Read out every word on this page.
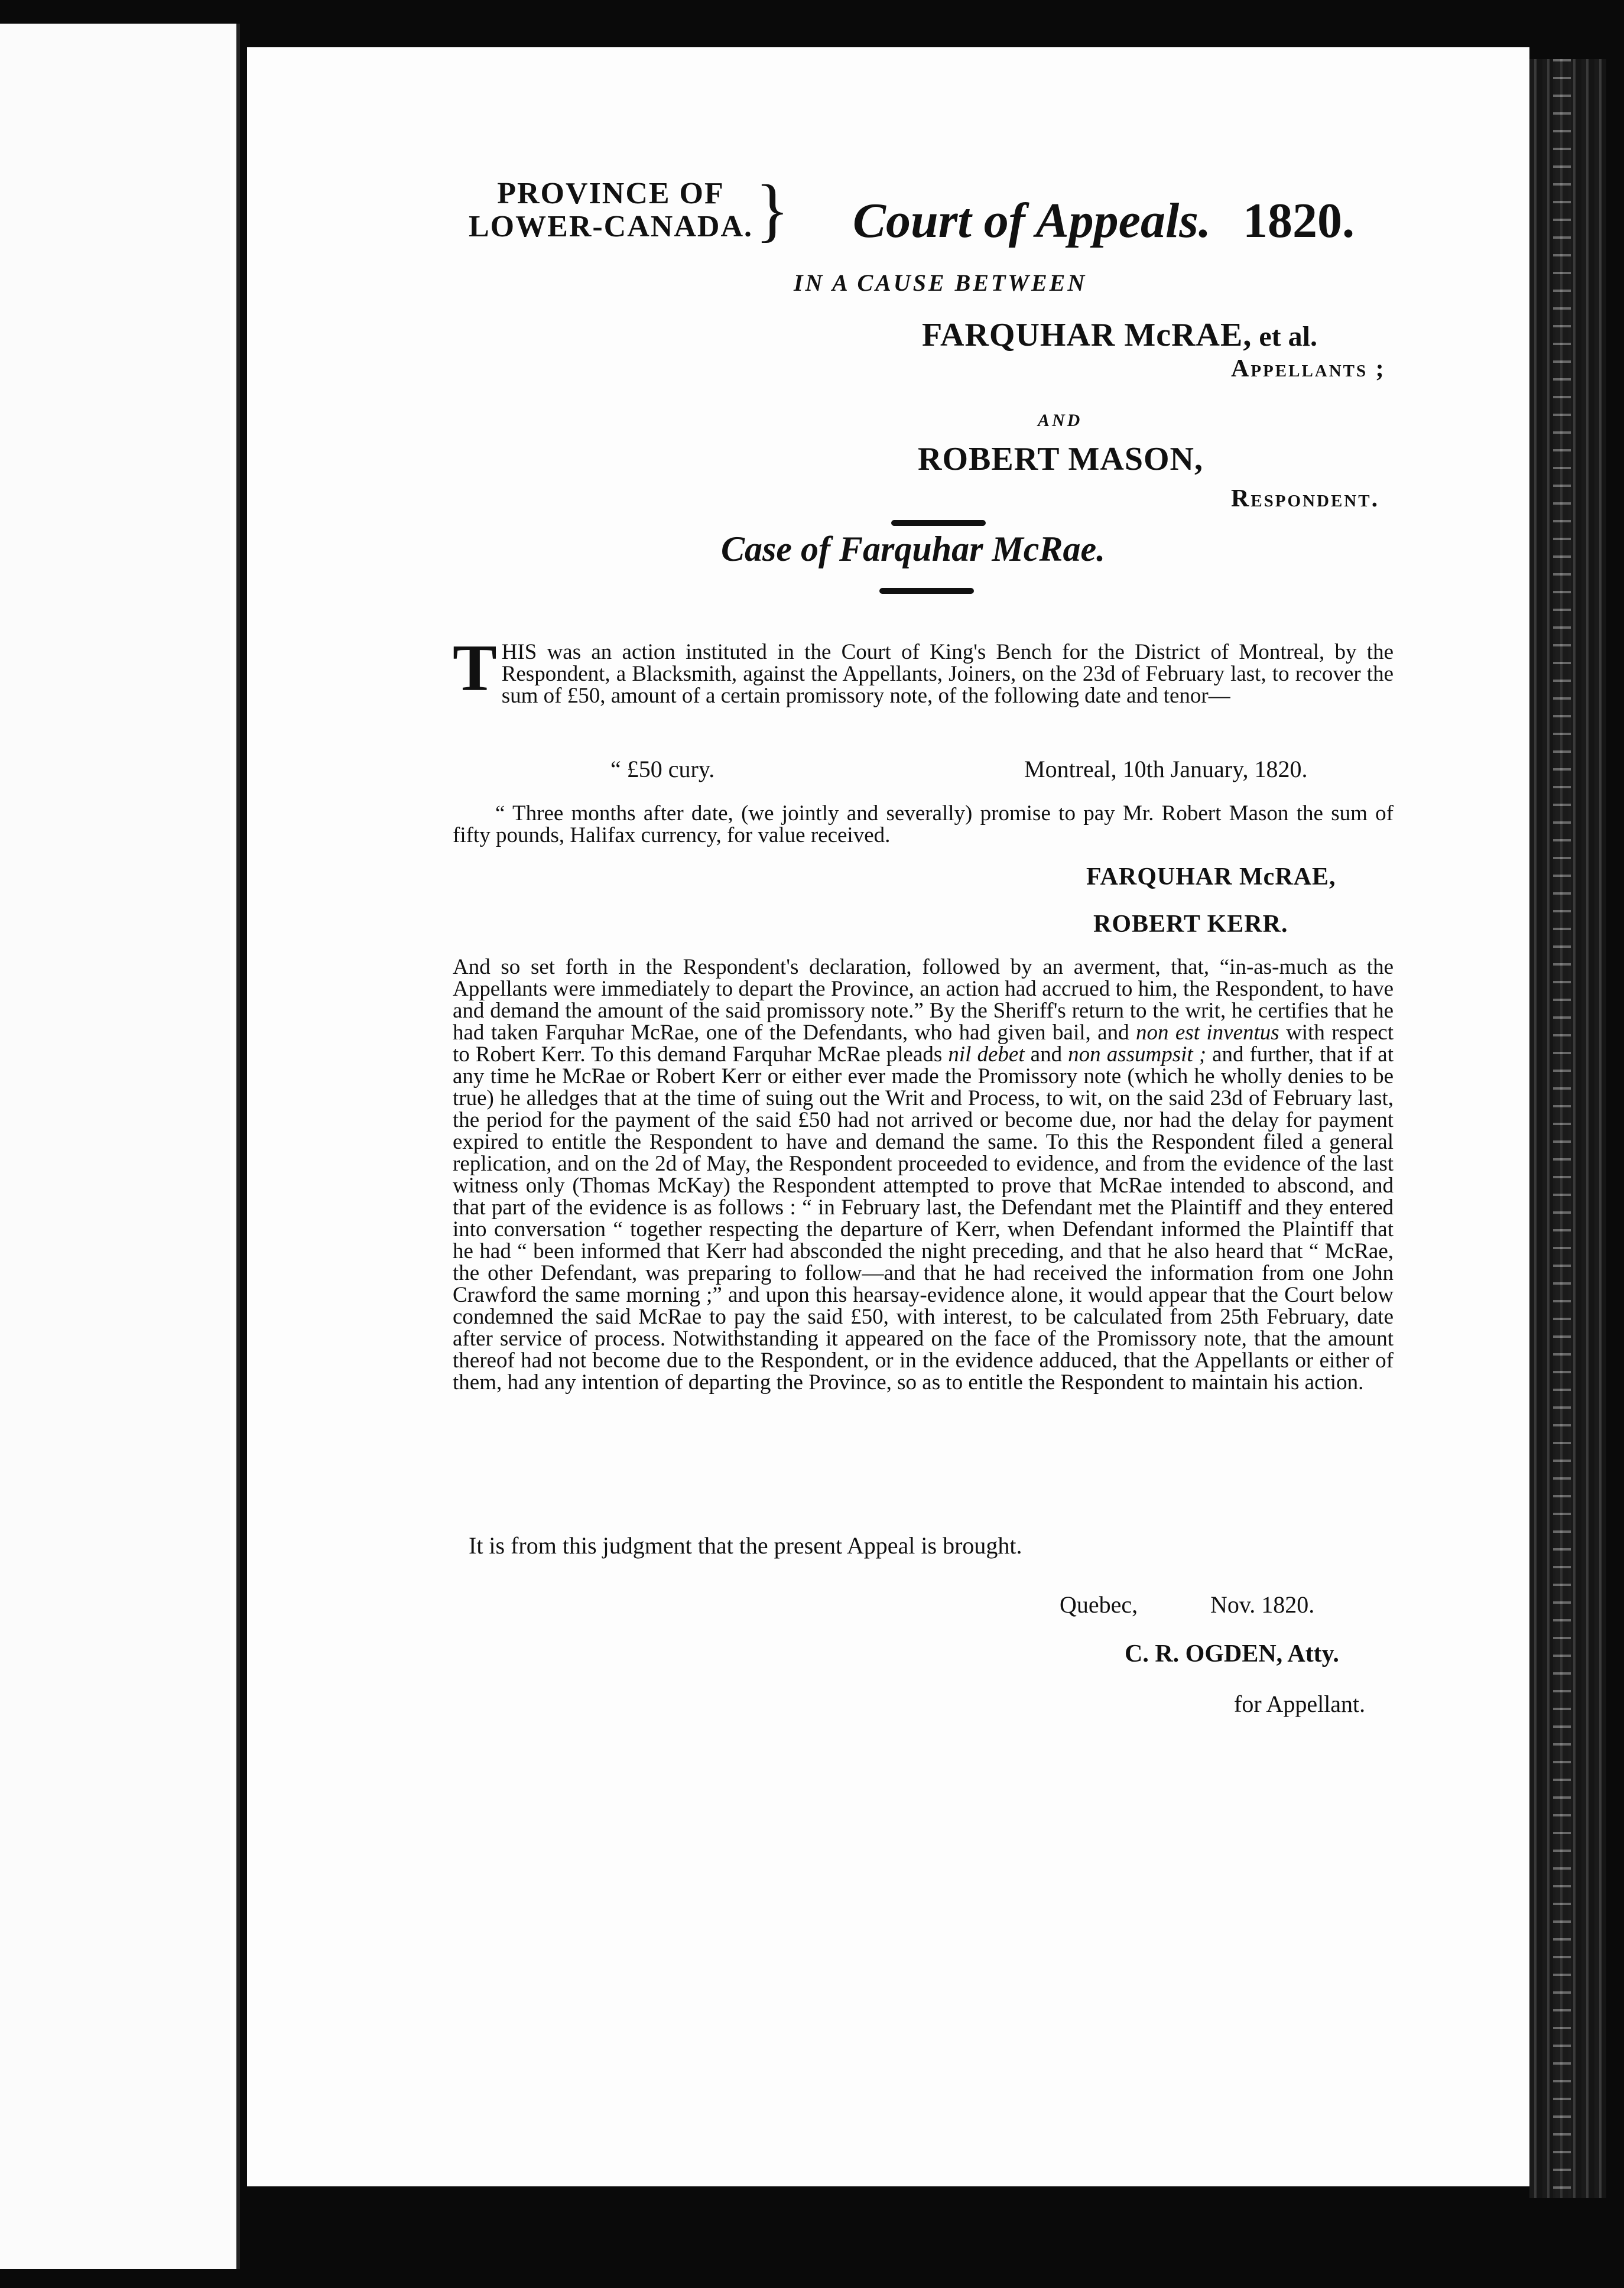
PROVINCE OF
LOWER-CANADA. } Court of Appeals. 1820.
IN A CAUSE BETWEEN
FARQUHAR McRAE, et al.
Appellants ;
AND
ROBERT MASON,
Respondent.
Case of Farquhar McRae.

THIS was an action instituted in the Court of King's Bench for the District of Montreal, by the Respondent, a Blacksmith, against the Appellants, Joiners, on the 23d of February last, to recover the sum of £50, amount of a certain promissory note, of the following date and tenor—

“ £50 cury.	Montreal, 10th January, 1820.
“ Three months after date, (we jointly and severally) promise to pay Mr. Robert Mason the sum of fifty pounds, Halifax currency, for value received.
FARQUHAR McRAE,
ROBERT KERR.

And so set forth in the Respondent's declaration, followed by an averment, that, “in-as-much as the Appellants were immediately to depart the Province, an action had accrued to him, the Respondent, to have and demand the amount of the said promissory note.” By the Sheriff's return to the writ, he certifies that he had taken Farquhar McRae, one of the Defendants, who had given bail, and non est inventus with respect to Robert Kerr. To this demand Farquhar McRae pleads nil debet and non assumpsit ; and further, that if at any time he McRae or Robert Kerr or either ever made the Promissory note (which he wholly denies to be true) he alledges that at the time of suing out the Writ and Process, to wit, on the said 23d of February last, the period for the payment of the said £50 had not arrived or become due, nor had the delay for payment expired to entitle the Respondent to have and demand the same. To this the Respondent filed a general replication, and on the 2d of May, the Respondent proceeded to evidence, and from the evidence of the last witness only (Thomas McKay) the Respondent attempted to prove that McRae intended to abscond, and that part of the evidence is as follows : “ in February last, the Defendant met the Plaintiff and they entered into conversation “ together respecting the departure of Kerr, when Defendant informed the Plaintiff that he had “ been informed that Kerr had absconded the night preceding, and that he also heard that “ McRae, the other Defendant, was preparing to follow—and that he had received the information from one John Crawford the same morning ;” and upon this hearsay-evidence alone, it would appear that the Court below condemned the said McRae to pay the said £50, with interest, to be calculated from 25th February, date after service of process. Notwithstanding it appeared on the face of the Promissory note, that the amount thereof had not become due to the Respondent, or in the evidence adduced, that the Appellants or either of them, had any intention of departing the Province, so as to entitle the Respondent to maintain his action.

It is from this judgment that the present Appeal is brought.
Quebec,	Nov. 1820.
C. R. OGDEN, Atty.
for Appellant.
